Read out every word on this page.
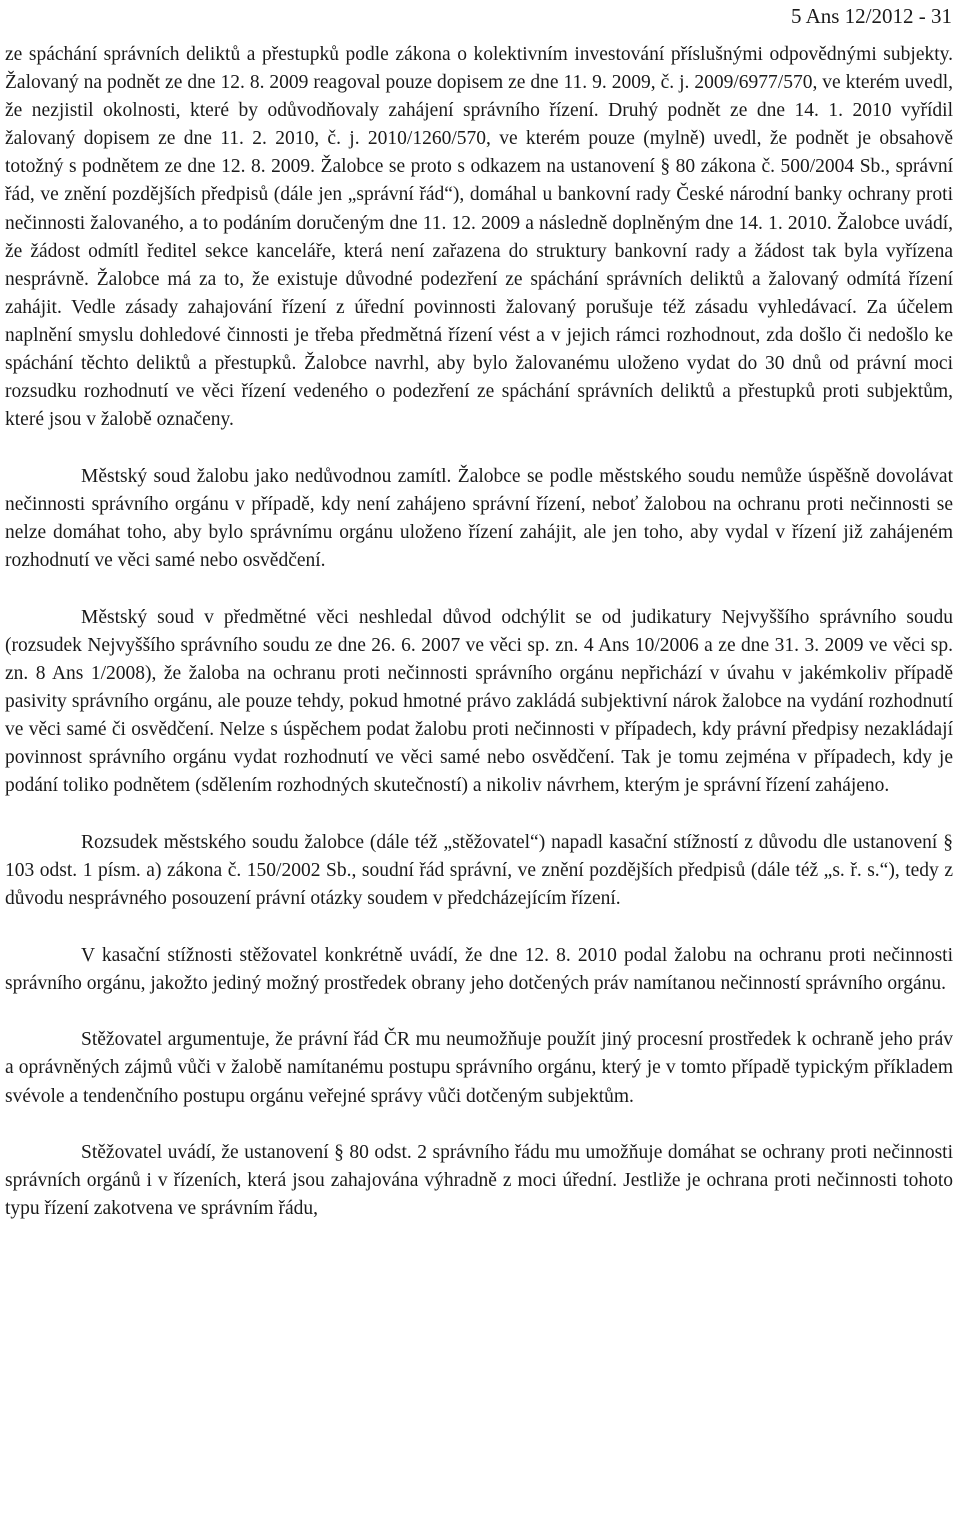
5 Ans 12/2012 - 31

ze spáchání správních deliktů a přestupků podle zákona o kolektivním investování příslušnými odpovědnými subjekty. Žalovaný na podnět ze dne 12. 8. 2009 reagoval pouze dopisem ze dne 11. 9. 2009, č. j. 2009/6977/570, ve kterém uvedl, že nezjistil okolnosti, které by odůvodňovaly zahájení správního řízení. Druhý podnět ze dne 14. 1. 2010 vyřídil žalovaný dopisem ze dne 11. 2. 2010, č. j. 2010/1260/570, ve kterém pouze (mylně) uvedl, že podnět je obsahově totožný s podnětem ze dne 12. 8. 2009. Žalobce se proto s odkazem na ustanovení § 80 zákona č. 500/2004 Sb., správní řád, ve znění pozdějších předpisů (dále jen „správní řád“), domáhal u bankovní rady České národní banky ochrany proti nečinnosti žalovaného, a to podáním doručeným dne 11. 12. 2009 a následně doplněným dne 14. 1. 2010. Žalobce uvádí, že žádost odmítl ředitel sekce kanceláře, která není zařazena do struktury bankovní rady a žádost tak byla vyřízena nesprávně. Žalobce má za to, že existuje důvodné podezření ze spáchání správních deliktů a žalovaný odmítá řízení zahájit. Vedle zásady zahajování řízení z úřední povinnosti žalovaný porušuje též zásadu vyhledávací. Za účelem naplnění smyslu dohledové činnosti je třeba předmětná řízení vést a v jejich rámci rozhodnout, zda došlo či nedošlo ke spáchání těchto deliktů a přestupků. Žalobce navrhl, aby bylo žalovanému uloženo vydat do 30 dnů od právní moci rozsudku rozhodnutí ve věci řízení vedeného o podezření ze spáchání správních deliktů a přestupků proti subjektům, které jsou v žalobě označeny.

Městský soud žalobu jako nedůvodnou zamítl. Žalobce se podle městského soudu nemůže úspěšně dovolávat nečinnosti správního orgánu v případě, kdy není zahájeno správní řízení, neboť žalobou na ochranu proti nečinnosti se nelze domáhat toho, aby bylo správnímu orgánu uloženo řízení zahájit, ale jen toho, aby vydal v řízení již zahájeném rozhodnutí ve věci samé nebo osvědčení.

Městský soud v předmětné věci neshledal důvod odchýlit se od judikatury Nejvyššího správního soudu (rozsudek Nejvyššího správního soudu ze dne 26. 6. 2007 ve věci sp. zn. 4 Ans 10/2006 a ze dne 31. 3. 2009 ve věci sp. zn. 8 Ans 1/2008), že žaloba na ochranu proti nečinnosti správního orgánu nepřichází v úvahu v jakémkoliv případě pasivity správního orgánu, ale pouze tehdy, pokud hmotné právo zakládá subjektivní nárok žalobce na vydání rozhodnutí ve věci samé či osvědčení. Nelze s úspěchem podat žalobu proti nečinnosti v případech, kdy právní předpisy nezakládají povinnost správního orgánu vydat rozhodnutí ve věci samé nebo osvědčení. Tak je tomu zejména v případech, kdy je podání toliko podnětem (sdělením rozhodných skutečností) a nikoliv návrhem, kterým je správní řízení zahájeno.

Rozsudek městského soudu žalobce (dále též „stěžovatel“) napadl kasační stížností z důvodu dle ustanovení § 103 odst. 1 písm. a) zákona č. 150/2002 Sb., soudní řád správní, ve znění pozdějších předpisů (dále též „s. ř. s.“), tedy z důvodu nesprávného posouzení právní otázky soudem v předcházejícím řízení.

V kasační stížnosti stěžovatel konkrétně uvádí, že dne 12. 8. 2010 podal žalobu na ochranu proti nečinnosti správního orgánu, jakožto jediný možný prostředek obrany jeho dotčených práv namítanou nečinností správního orgánu.

Stěžovatel argumentuje, že právní řád ČR mu neumožňuje použít jiný procesní prostředek k ochraně jeho práv a oprávněných zájmů vůči v žalobě namítanému postupu správního orgánu, který je v tomto případě typickým příkladem svévole a tendenčního postupu orgánu veřejné správy vůči dotčeným subjektům.

Stěžovatel uvádí, že ustanovení § 80 odst. 2 správního řádu mu umožňuje domáhat se ochrany proti nečinnosti správních orgánů i v řízeních, která jsou zahajována výhradně z moci úřední. Jestliže je ochrana proti nečinnosti tohoto typu řízení zakotvena ve správním řádu,
